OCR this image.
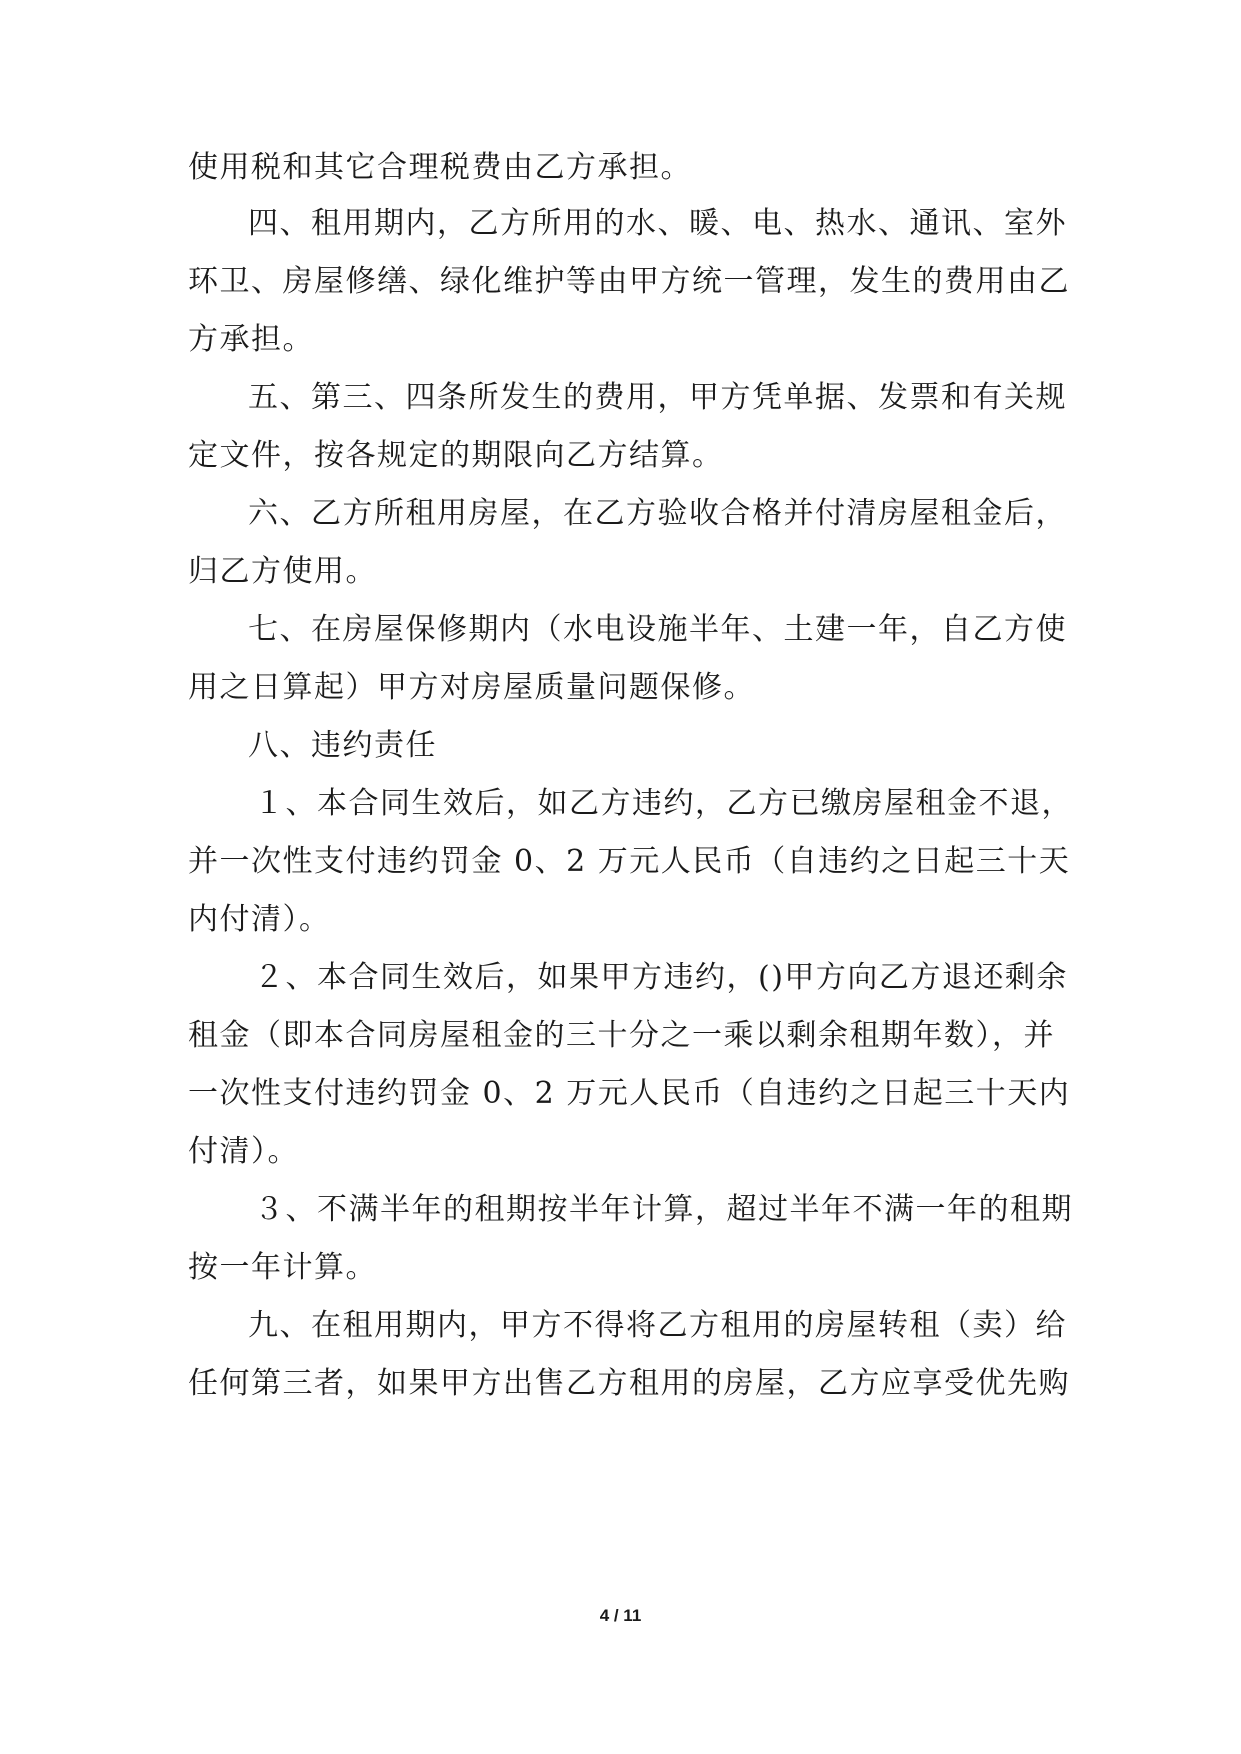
使用税和其它合理税费由乙方承担。
四、租用期内，乙方所用的水、暖、电、热水、通讯、室外
环卫、房屋修缮、绿化维护等由甲方统一管理，发生的费用由乙
方承担。
五、第三、四条所发生的费用，甲方凭单据、发票和有关规
定文件，按各规定的期限向乙方结算。
六、乙方所租用房屋，在乙方验收合格并付清房屋租金后，
归乙方使用。
七、在房屋保修期内（水电设施半年、土建一年，自乙方使
用之日算起）甲方对房屋质量问题保修。
八、违约责任
１、本合同生效后，如乙方违约，乙方已缴房屋租金不退，
并一次性支付违约罚金 0、2 万元人民币（自违约之日起三十天
内付清）。
２、本合同生效后，如果甲方违约，()甲方向乙方退还剩余
租金（即本合同房屋租金的三十分之一乘以剩余租期年数），并
一次性支付违约罚金 0、2 万元人民币（自违约之日起三十天内
付清）。
３、不满半年的租期按半年计算，超过半年不满一年的租期
按一年计算。
九、在租用期内，甲方不得将乙方租用的房屋转租（卖）给
任何第三者，如果甲方出售乙方租用的房屋，乙方应享受优先购
4 / 11
